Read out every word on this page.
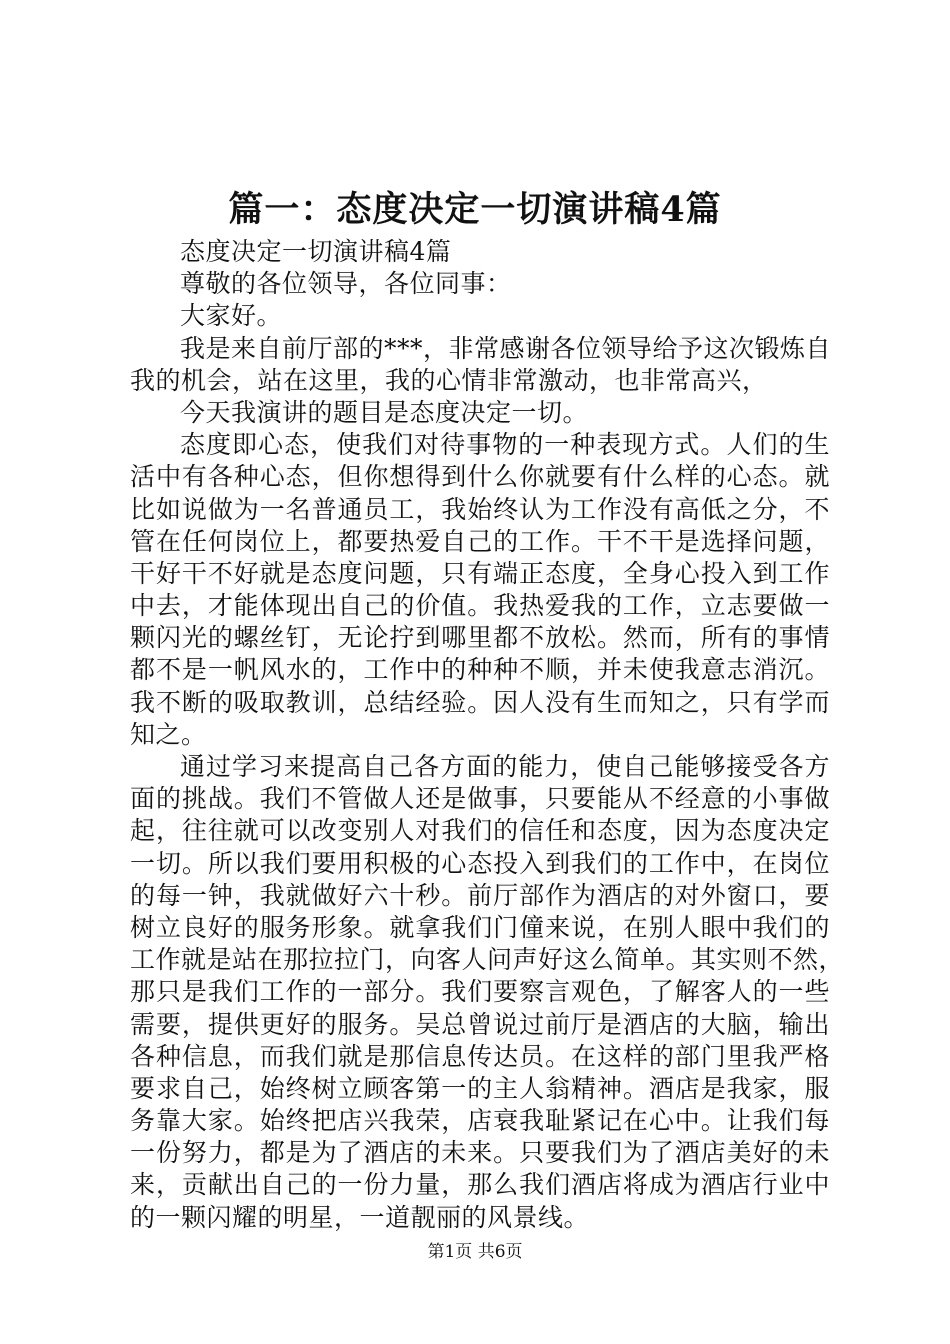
篇一：态度决定一切演讲稿4篇
态度决定一切演讲稿4篇
尊敬的各位领导，各位同事：
大家好。
我是来自前厅部的***，非常感谢各位领导给予这次锻炼自
我的机会，站在这里，我的心情非常激动，也非常高兴，
今天我演讲的题目是态度决定一切。
态度即心态，使我们对待事物的一种表现方式。人们的生
活中有各种心态，但你想得到什么你就要有什么样的心态。就
比如说做为一名普通员工，我始终认为工作没有高低之分，不
管在任何岗位上，都要热爱自己的工作。干不干是选择问题，
干好干不好就是态度问题，只有端正态度，全身心投入到工作
中去，才能体现出自己的价值。我热爱我的工作，立志要做一
颗闪光的螺丝钉，无论拧到哪里都不放松。然而，所有的事情
都不是一帆风水的，工作中的种种不顺，并未使我意志消沉。
我不断的吸取教训，总结经验。因人没有生而知之，只有学而
知之。
通过学习来提高自己各方面的能力，使自己能够接受各方
面的挑战。我们不管做人还是做事，只要能从不经意的小事做
起，往往就可以改变别人对我们的信任和态度，因为态度决定
一切。所以我们要用积极的心态投入到我们的工作中，在岗位
的每一钟，我就做好六十秒。前厅部作为酒店的对外窗口，要
树立良好的服务形象。就拿我们门僮来说，在别人眼中我们的
工作就是站在那拉拉门，向客人问声好这么简单。其实则不然，
那只是我们工作的一部分。我们要察言观色，了解客人的一些
需要，提供更好的服务。吴总曾说过前厅是酒店的大脑，输出
各种信息，而我们就是那信息传达员。在这样的部门里我严格
要求自己，始终树立顾客第一的主人翁精神。酒店是我家，服
务靠大家。始终把店兴我荣，店衰我耻紧记在心中。让我们每
一份努力，都是为了酒店的未来。只要我们为了酒店美好的未
来，贡献出自己的一份力量，那么我们酒店将成为酒店行业中
的一颗闪耀的明星，一道靓丽的风景线。
第1页 共6页
